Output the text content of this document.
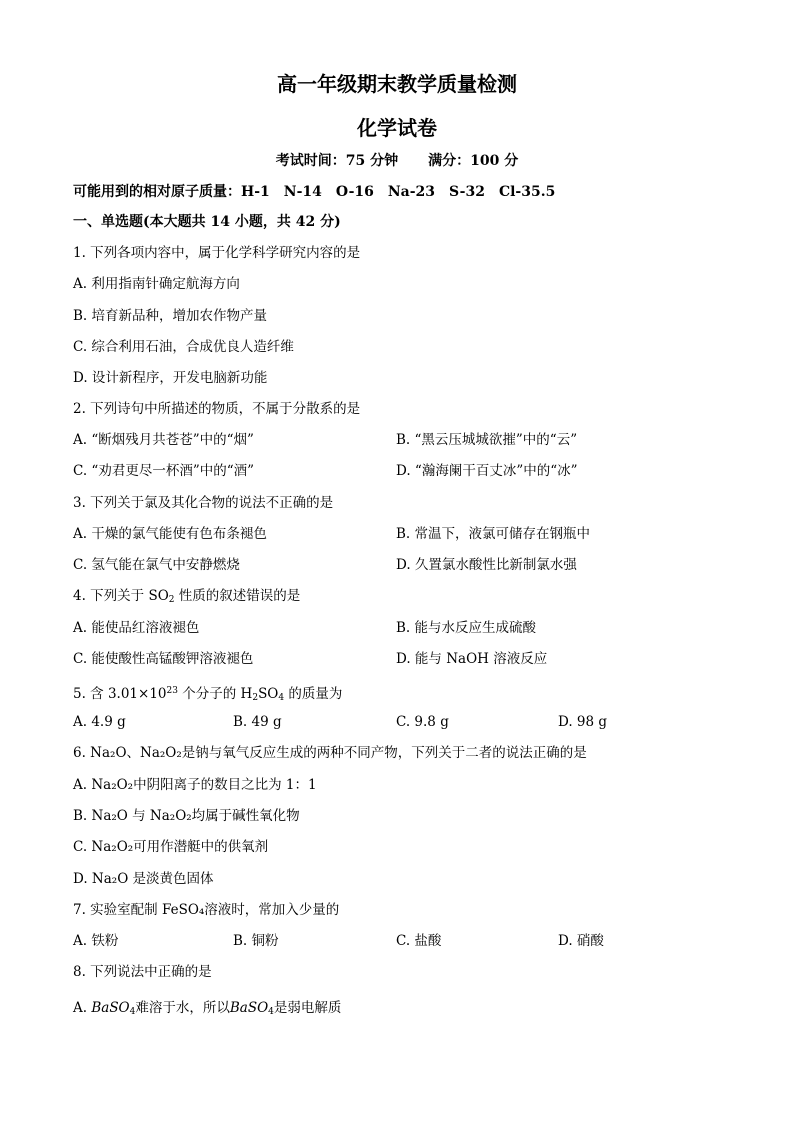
高一年级期末教学质量检测
化学试卷
考试时间：75 分钟 满分：100 分
可能用到的相对原子质量：H-1　N-14　O-16　Na-23　S-32　Cl-35.5
一、单选题(本大题共 14 小题，共 42 分)
1. 下列各项内容中，属于化学科学研究内容的是
A. 利用指南针确定航海方向
B. 培育新品种，增加农作物产量
C. 综合利用石油，合成优良人造纤维
D. 设计新程序，开发电脑新功能
2. 下列诗句中所描述的物质，不属于分散系的是
A. “断烟残月共苍苍”中的“烟”	B. “黑云压城城欲摧”中的“云”
C. “劝君更尽一杯酒”中的“酒”	D. “瀚海阑干百丈冰”中的“冰”
3. 下列关于氯及其化合物的说法不正确的是
A. 干燥的氯气能使有色布条褪色	B. 常温下，液氯可储存在钢瓶中
C. 氢气能在氯气中安静燃烧	D. 久置氯水酸性比新制氯水强
4. 下列关于 $SO_2$ 性质的叙述错误的是
A. 能使品红溶液褪色	B. 能与水反应生成硫酸
C. 能使酸性高锰酸钾溶液褪色	D. 能与 NaOH 溶液反应
5. 含 $3.01\times 10^{23}$ 个分子的 $H_2SO_4$ 的质量为
A. 4.9 g	B. 49 g	C. 9.8 g	D. 98 g
6. Na₂O、Na₂O₂是钠与氧气反应生成的两种不同产物，下列关于二者的说法正确的是
A. Na₂O₂中阴阳离子的数目之比为 1：1
B. Na₂O 与 Na₂O₂均属于碱性氧化物
C. Na₂O₂可用作潜艇中的供氧剂
D. Na₂O 是淡黄色固体
7. 实验室配制 FeSO₄溶液时，常加入少量的
A. 铁粉	B. 铜粉	C. 盐酸	D. 硝酸
8. 下列说法中正确的是
A. BaSO$_4$难溶于水，所以BaSO$_4$是弱电解质
